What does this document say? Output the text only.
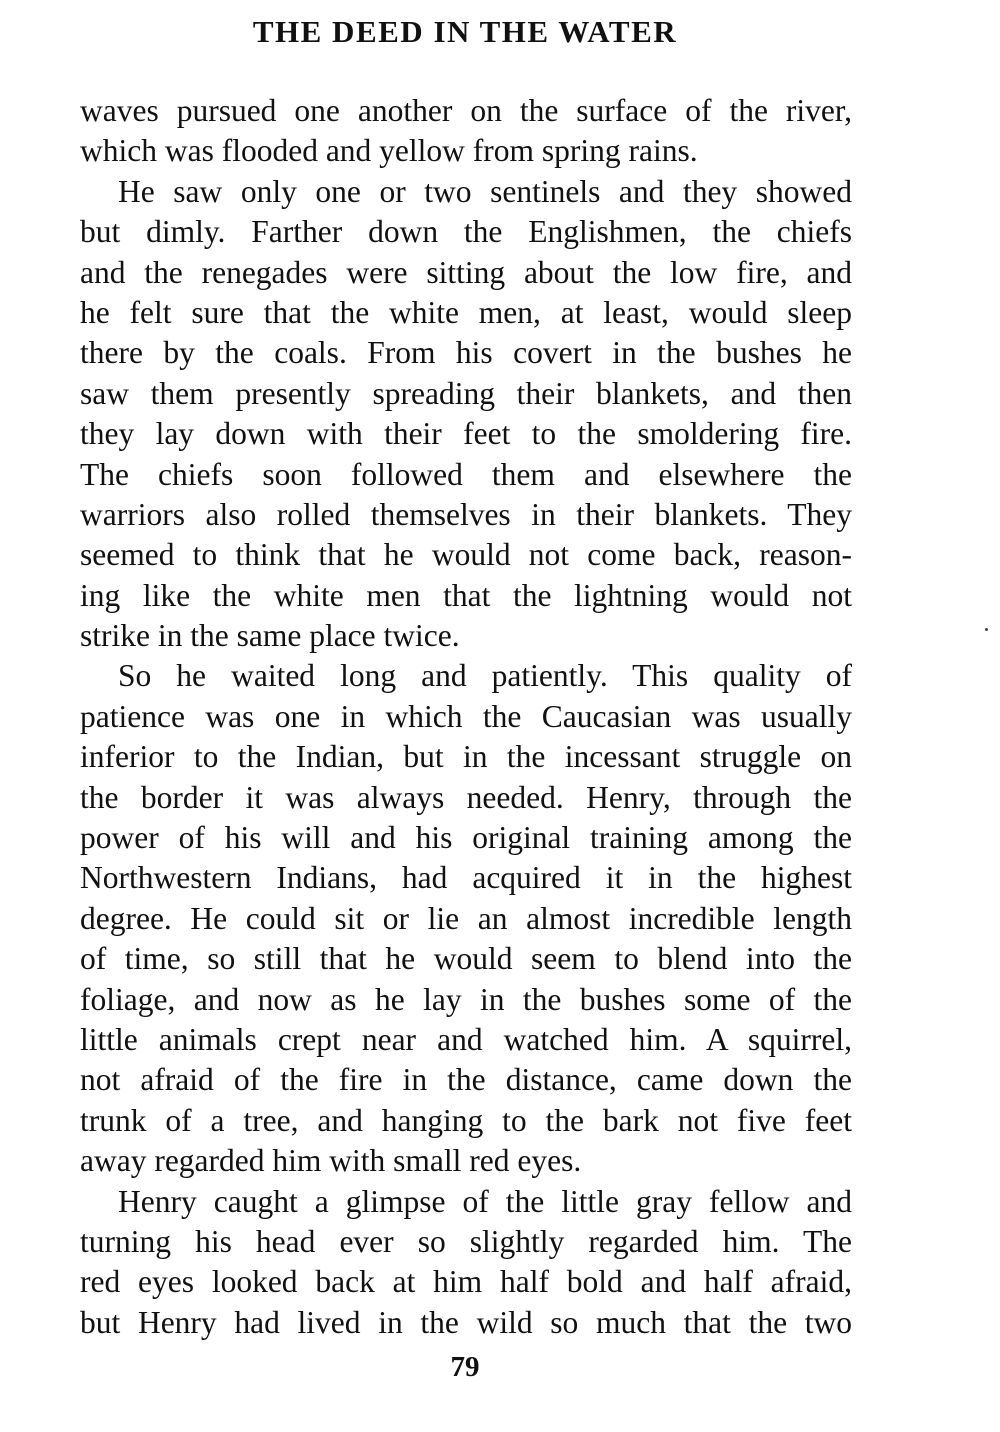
THE DEED IN THE WATER
waves pursued one another on the surface of the river,
which was flooded and yellow from spring rains.
He saw only one or two sentinels and they showed
but dimly. Farther down the Englishmen, the chiefs
and the renegades were sitting about the low fire, and
he felt sure that the white men, at least, would sleep
there by the coals. From his covert in the bushes he
saw them presently spreading their blankets, and then
they lay down with their feet to the smoldering fire.
The chiefs soon followed them and elsewhere the
warriors also rolled themselves in their blankets. They
seemed to think that he would not come back, reason-
ing like the white men that the lightning would not
strike in the same place twice.
So he waited long and patiently. This quality of
patience was one in which the Caucasian was usually
inferior to the Indian, but in the incessant struggle on
the border it was always needed. Henry, through the
power of his will and his original training among the
Northwestern Indians, had acquired it in the highest
degree. He could sit or lie an almost incredible length
of time, so still that he would seem to blend into the
foliage, and now as he lay in the bushes some of the
little animals crept near and watched him. A squirrel,
not afraid of the fire in the distance, came down the
trunk of a tree, and hanging to the bark not five feet
away regarded him with small red eyes.
Henry caught a glimpse of the little gray fellow and
turning his head ever so slightly regarded him. The
red eyes looked back at him half bold and half afraid,
but Henry had lived in the wild so much that the two
79
